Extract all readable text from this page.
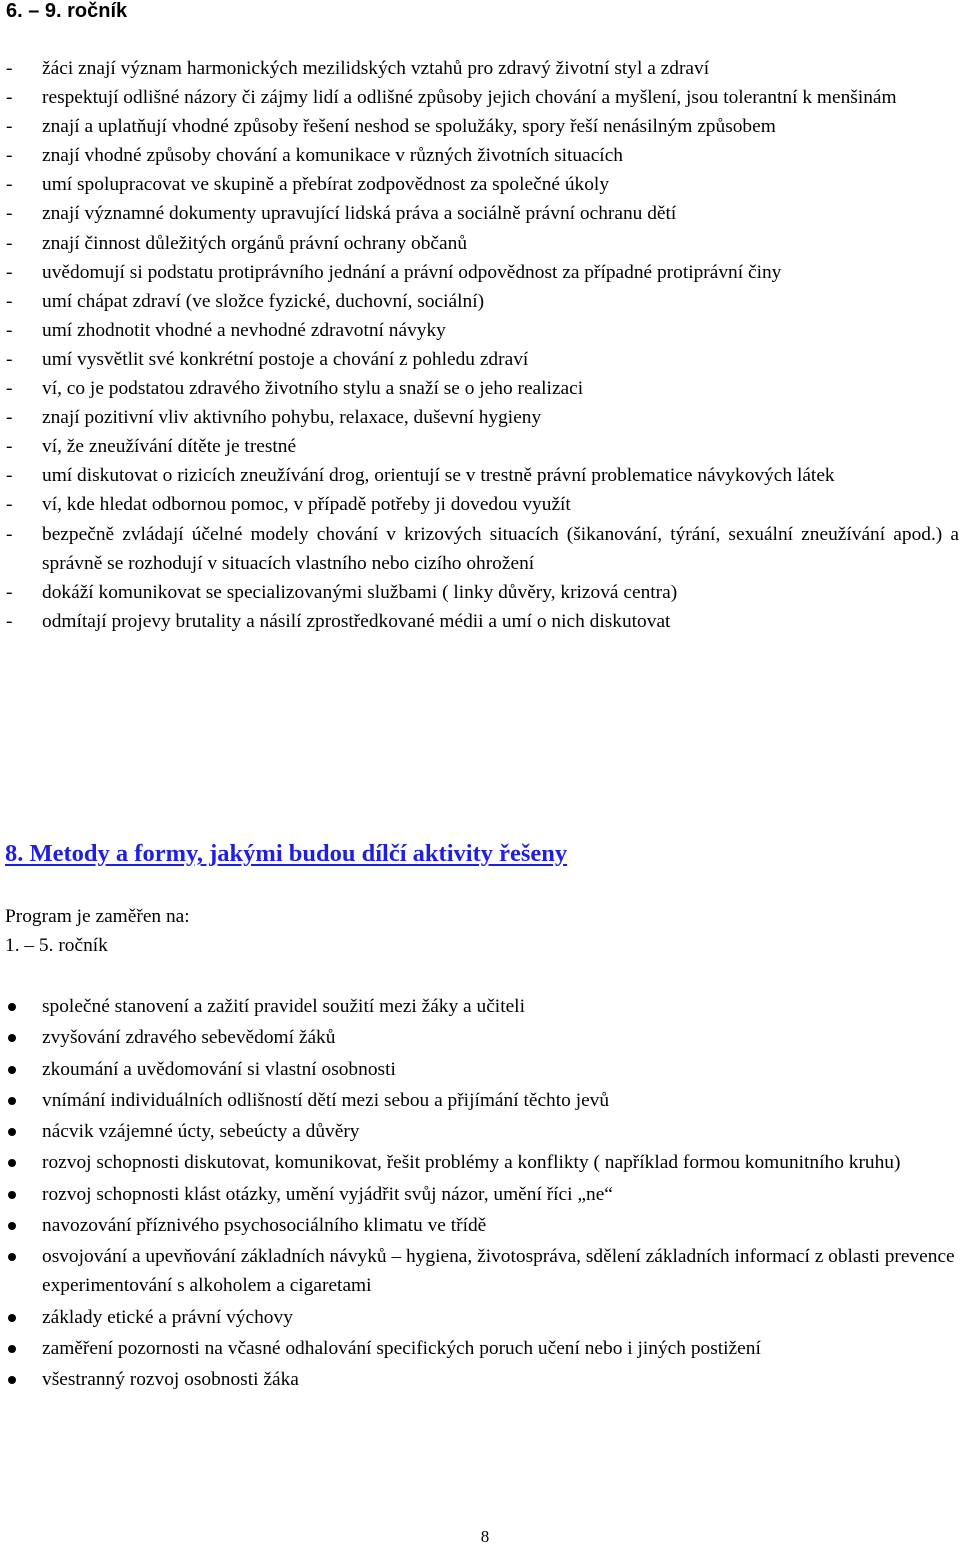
6. – 9. ročník
-	žáci znají význam harmonických mezilidských vztahů pro zdravý životní styl a zdraví
-	respektují odlišné názory či zájmy lidí a odlišné způsoby jejich chování a myšlení, jsou tolerantní k menšinám
-	znají a uplatňují vhodné způsoby řešení neshod se spolužáky, spory řeší nenásilným způsobem
-	znají vhodné způsoby chování a komunikace v různých životních situacích
-	umí spolupracovat ve skupině a přebírat zodpovědnost za společné úkoly
-	znají významné dokumenty upravující lidská práva a sociálně právní ochranu dětí
-	znají činnost důležitých orgánů právní ochrany občanů
-	uvědomují si podstatu protiprávního jednání a právní odpovědnost za případné protiprávní činy
-	umí chápat zdraví (ve složce fyzické, duchovní, sociální)
-	umí zhodnotit vhodné a nevhodné zdravotní návyky
-	umí vysvětlit své konkrétní postoje a chování z pohledu zdraví
-	ví, co je podstatou zdravého životního stylu a snaží se o jeho realizaci
-	znají pozitivní vliv aktivního pohybu, relaxace, duševní hygieny
-	ví, že zneužívání dítěte je trestné
-	umí diskutovat o rizicích zneužívání drog, orientují se v trestně právní problematice návykových látek
-	ví, kde hledat odbornou pomoc, v případě potřeby ji dovedou využít
-	bezpečně zvládají účelné modely chování v krizových situacích (šikanování, týrání, sexuální zneužívání apod.) a správně se rozhodují v situacích vlastního nebo cizího ohrožení
-	dokáží komunikovat se specializovanými službami ( linky důvěry, krizová centra)
-	odmítají projevy brutality a násilí zprostředkované médii a umí o nich diskutovat
8. Metody a formy, jakými budou dílčí aktivity řešeny
Program je zaměřen na:
1. – 5. ročník
společné stanovení a zažití pravidel soužití mezi žáky a učiteli
zvyšování zdravého sebevědomí žáků
zkoumání a uvědomování si vlastní osobnosti
vnímání individuálních odlišností dětí mezi sebou a přijímání těchto jevů
nácvik vzájemné úcty, sebeúcty a důvěry
rozvoj schopnosti diskutovat, komunikovat, řešit problémy a konflikty ( například formou komunitního kruhu)
rozvoj schopnosti klást otázky, umění vyjádřit svůj názor, umění říci „ne“
navozování příznivého psychosociálního klimatu ve třídě
osvojování a upevňování základních návyků – hygiena, životospráva, sdělení základních informací z oblasti prevence experimentování s alkoholem a cigaretami
základy etické a právní výchovy
zaměření pozornosti na včasné odhalování specifických poruch učení nebo i jiných postižení
všestranný rozvoj osobnosti žáka
8
